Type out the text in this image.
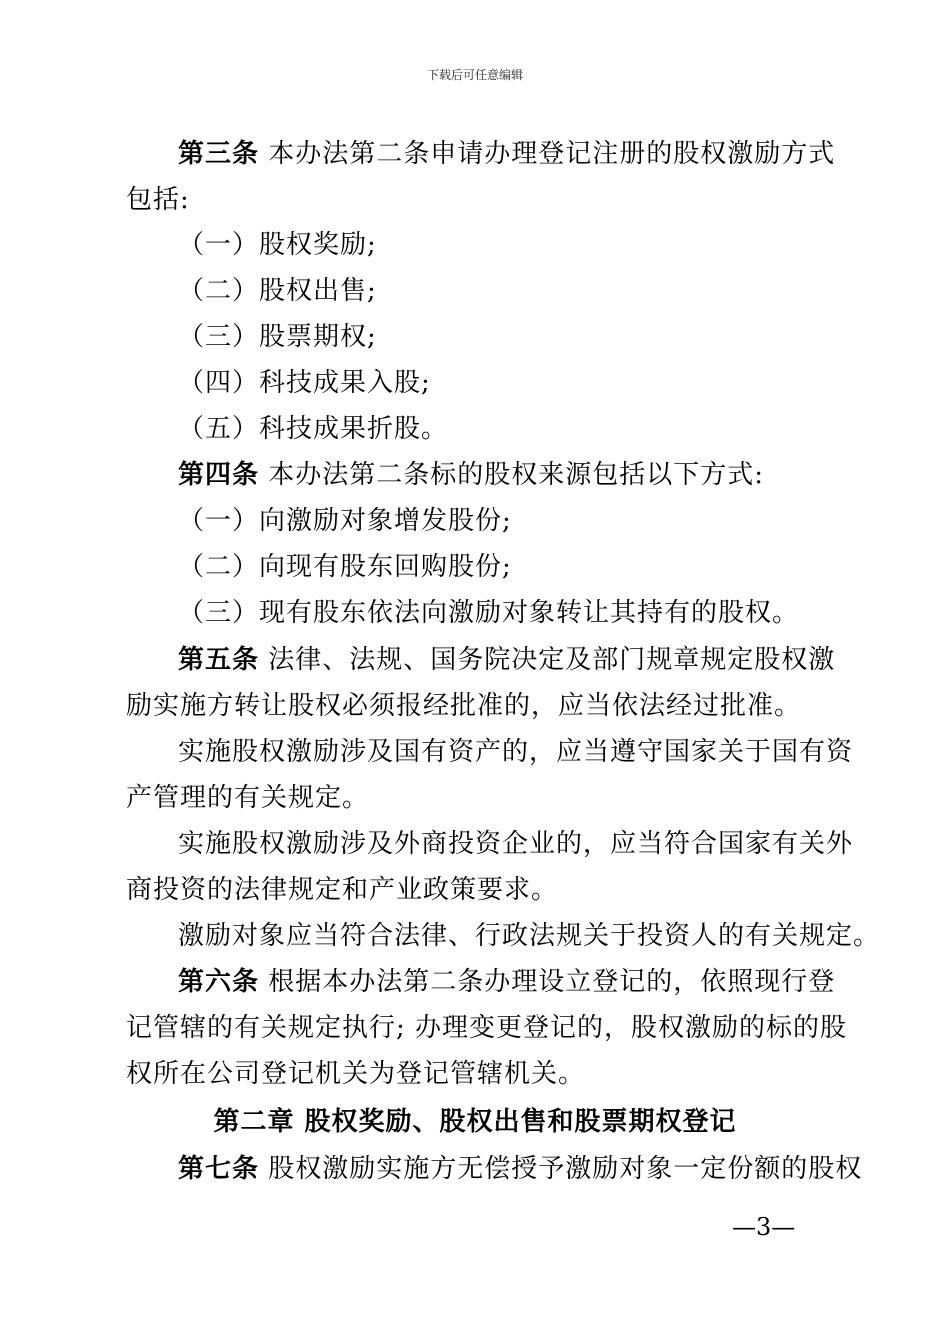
下载后可任意编辑
第三条 本办法第二条申请办理登记注册的股权激励方式
包括:
（一）股权奖励;
（二）股权出售;
（三）股票期权;
（四）科技成果入股;
（五）科技成果折股。
第四条 本办法第二条标的股权来源包括以下方式:
（一）向激励对象增发股份;
（二）向现有股东回购股份;
（三）现有股东依法向激励对象转让其持有的股权。
第五条 法律、法规、国务院决定及部门规章规定股权激
励实施方转让股权必须报经批准的，应当依法经过批准。
实施股权激励涉及国有资产的，应当遵守国家关于国有资
产管理的有关规定。
实施股权激励涉及外商投资企业的，应当符合国家有关外
商投资的法律规定和产业政策要求。
激励对象应当符合法律、行政法规关于投资人的有关规定。
第六条 根据本办法第二条办理设立登记的，依照现行登
记管辖的有关规定执行; 办理变更登记的，股权激励的标的股
权所在公司登记机关为登记管辖机关。
第二章 股权奖励、股权出售和股票期权登记
第七条 股权激励实施方无偿授予激励对象一定份额的股权
—3—
